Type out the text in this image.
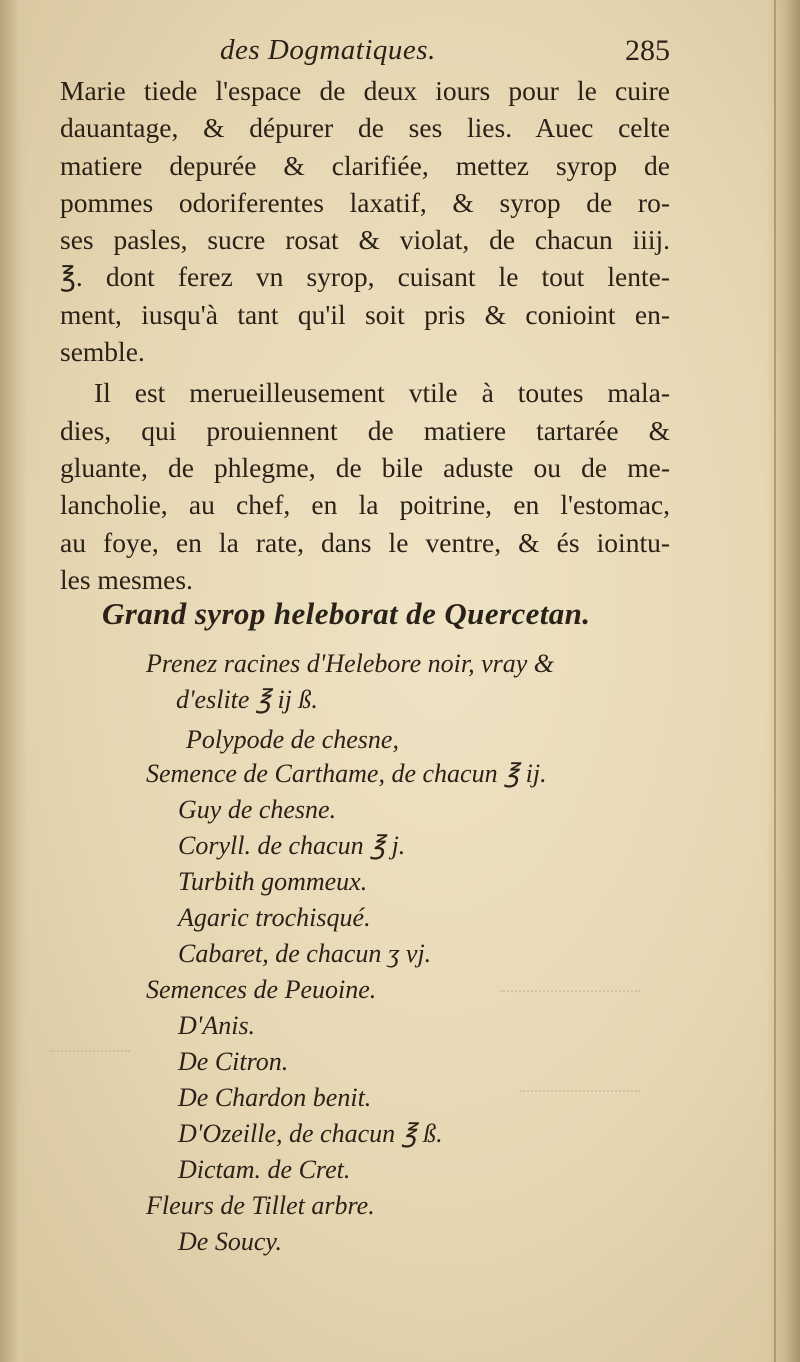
des Dogmatiques.	285
Marie tiede l'espace de deux iours pour le cuire
dauantage, & dépurer de ses lies. Auec celte
matiere depurée & clarifiée, mettez syrop de
pommes odoriferentes laxatif, & syrop de ro-
ses pasles, sucre rosat & violat, de chacun iiij.
℥. dont ferez vn syrop, cuisant le tout lente-
ment, iusqu'à tant qu'il soit pris & conioint en-
semble.
Il est merueilleusement vtile à toutes mala-
dies, qui prouiennent de matiere tartarée &
gluante, de phlegme, de bile aduste ou de me-
lancholie, au chef, en la poitrine, en l'estomac,
au foye, en la rate, dans le ventre, & és iointu-
les mesmes.
Grand syrop heleborat de Quercetan.
Prenez racines d'Helebore noir, vray &
d'eslite ℥ ij ß.
Polypode de chesne,
Semence de Carthame, de chacun ℥ ij.
Guy de chesne.
Coryll. de chacun ℥ j.
Turbith gommeux.
Agaric trochisqué.
Cabaret, de chacun ʒ vj.
Semences de Peuoine.
D'Anis.
De Citron.
De Chardon benit.
D'Ozeille, de chacun ℥ ß.
Dictam. de Cret.
Fleurs de Tillet arbre.
De Soucy.
